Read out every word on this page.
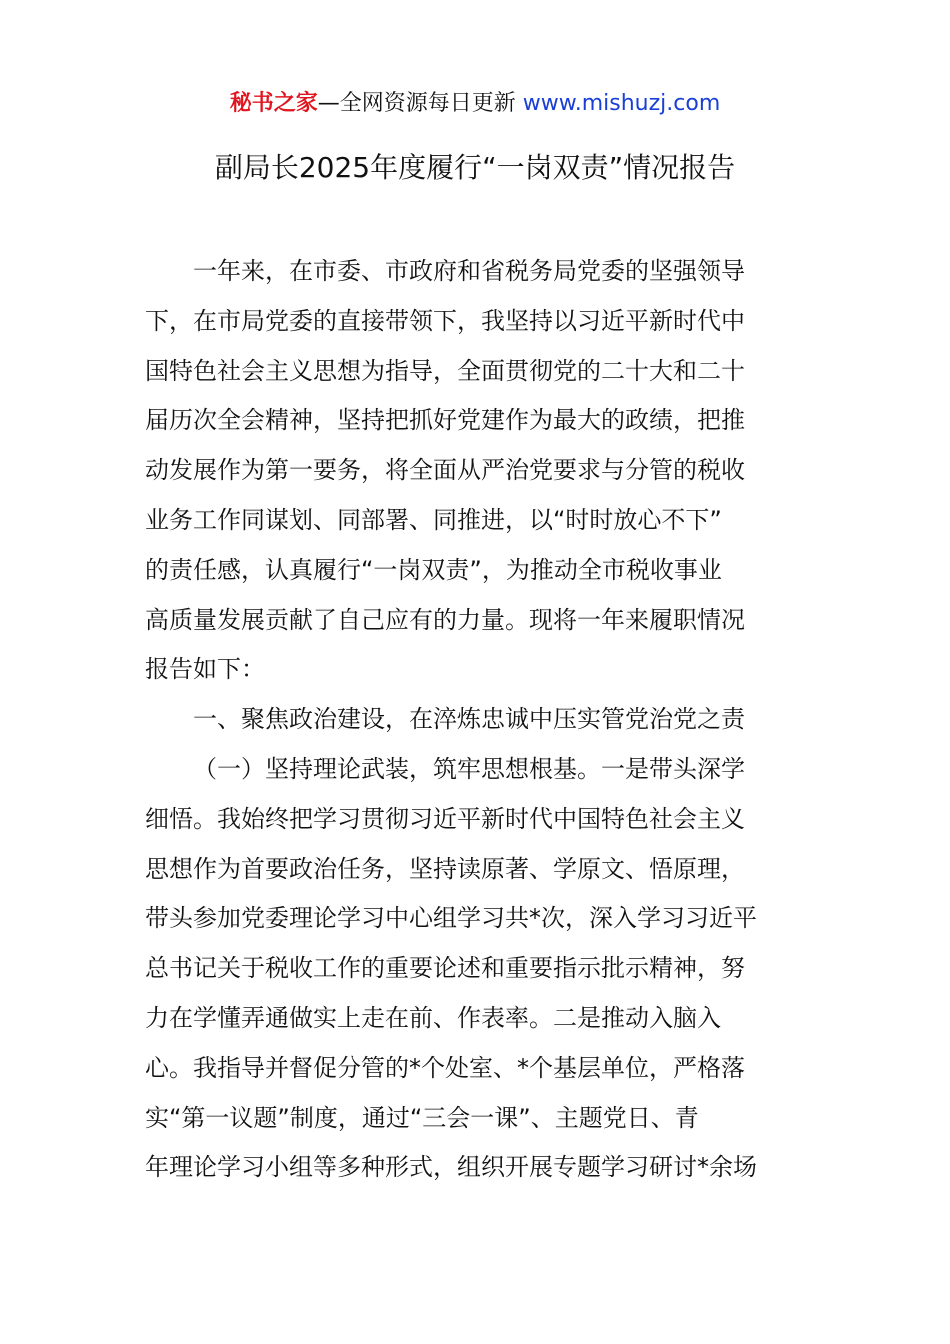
秘书之家—全网资源每日更新 www.mishuzj.com
副局长2025年度履行“一岗双责”情况报告
一年来，在市委、市政府和省税务局党委的坚强领导
下，在市局党委的直接带领下，我坚持以习近平新时代中
国特色社会主义思想为指导，全面贯彻党的二十大和二十
届历次全会精神，坚持把抓好党建作为最大的政绩，把推
动发展作为第一要务，将全面从严治党要求与分管的税收
业务工作同谋划、同部署、同推进，以“时时放心不下”
的责任感，认真履行“一岗双责”，为推动全市税收事业
高质量发展贡献了自己应有的力量。现将一年来履职情况
报告如下：
一、聚焦政治建设，在淬炼忠诚中压实管党治党之责
（一）坚持理论武装，筑牢思想根基。一是带头深学
细悟。我始终把学习贯彻习近平新时代中国特色社会主义
思想作为首要政治任务，坚持读原著、学原文、悟原理，
带头参加党委理论学习中心组学习共*次，深入学习习近平
总书记关于税收工作的重要论述和重要指示批示精神，努
力在学懂弄通做实上走在前、作表率。二是推动入脑入
心。我指导并督促分管的*个处室、*个基层单位，严格落
实“第一议题”制度，通过“三会一课”、主题党日、青
年理论学习小组等多种形式，组织开展专题学习研讨*余场
